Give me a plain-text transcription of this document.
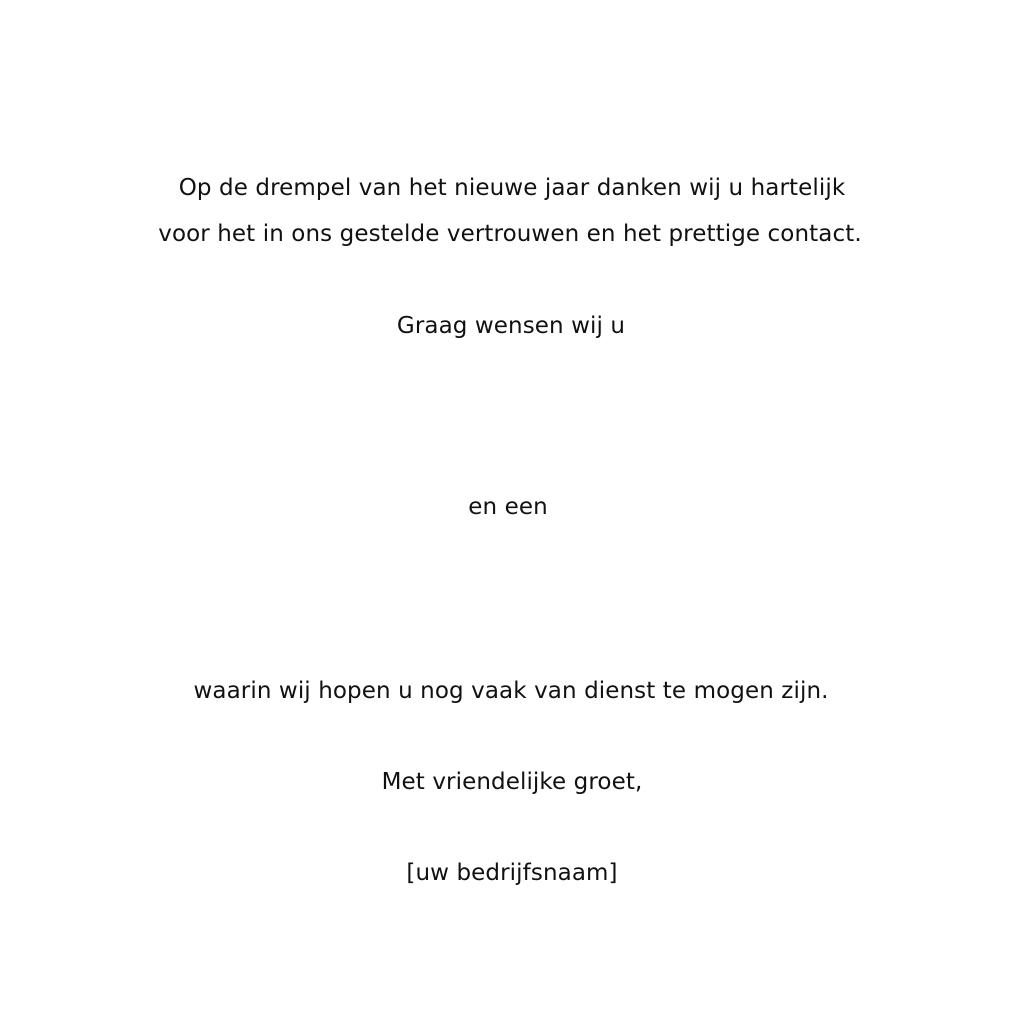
Op de drempel van het nieuwe jaar danken wij u hartelijk
voor het in ons gestelde vertrouwen en het prettige contact.
Graag wensen wij u
en een
waarin wij hopen u nog vaak van dienst te mogen zijn.
Met vriendelijke groet,
[uw bedrijfsnaam]
